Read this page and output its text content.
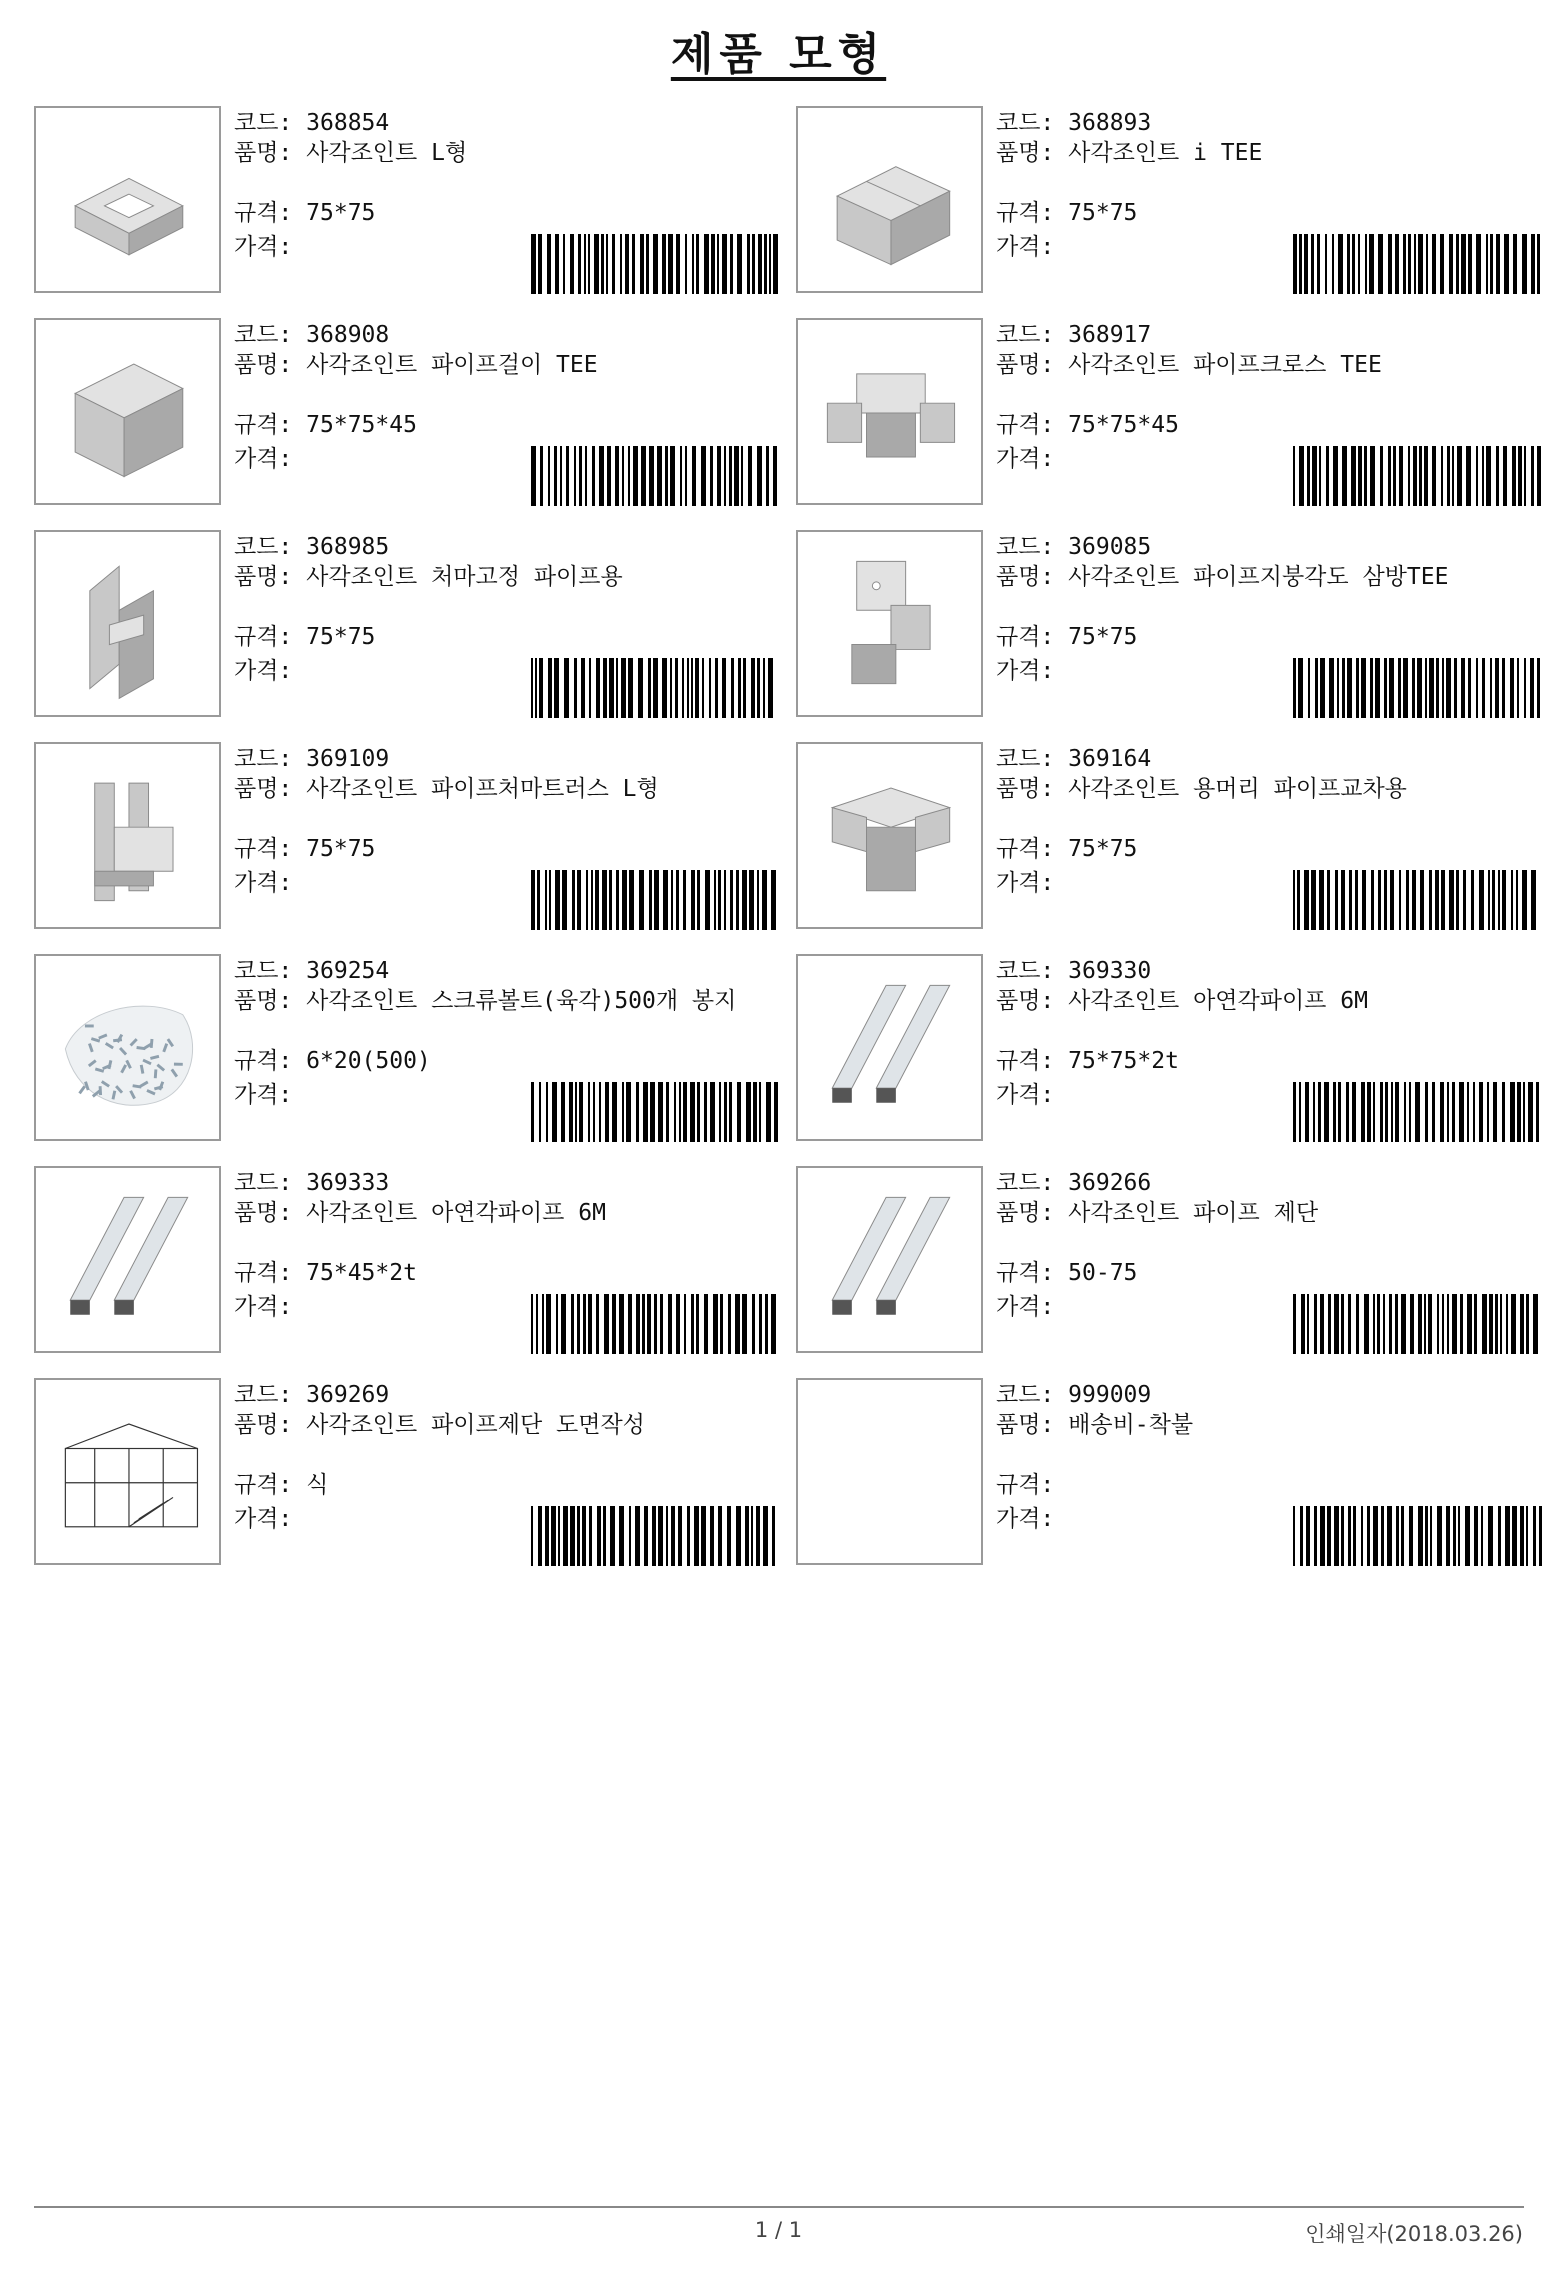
제품 모형
코드: 368854
품명: 사각조인트 L형
규격: 75*75
가격:
코드: 368893
품명: 사각조인트 i TEE
규격: 75*75
가격:
코드: 368908
품명: 사각조인트 파이프걸이 TEE
규격: 75*75*45
가격:
코드: 368917
품명: 사각조인트 파이프크로스 TEE
규격: 75*75*45
가격:
코드: 368985
품명: 사각조인트 처마고정 파이프용
규격: 75*75
가격:
코드: 369085
품명: 사각조인트 파이프지붕각도 삼방TEE
규격: 75*75
가격:
코드: 369109
품명: 사각조인트 파이프처마트러스 L형
규격: 75*75
가격:
코드: 369164
품명: 사각조인트 용머리 파이프교차용
규격: 75*75
가격:
코드: 369254
품명: 사각조인트 스크류볼트(육각)500개 봉지
규격: 6*20(500)
가격:
코드: 369330
품명: 사각조인트 아연각파이프 6M
규격: 75*75*2t
가격:
코드: 369333
품명: 사각조인트 아연각파이프 6M
규격: 75*45*2t
가격:
코드: 369266
품명: 사각조인트 파이프 제단
규격: 50-75
가격:
코드: 369269
품명: 사각조인트 파이프제단 도면작성
규격: 식
가격:
코드: 999009
품명: 배송비-착불
규격:
가격:
1 / 1	인쇄일자(2018.03.26)
